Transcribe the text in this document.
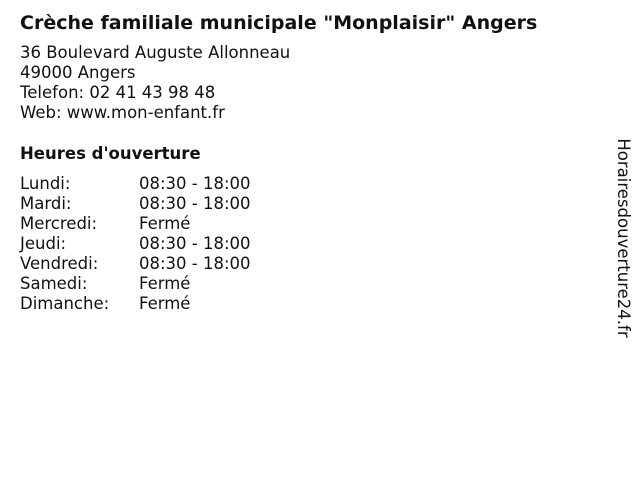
Crèche familiale municipale "Monplaisir" Angers
36 Boulevard Auguste Allonneau
49000 Angers
Telefon: 02 41 43 98 48
Web: www.mon-enfant.fr
Heures d'ouverture
Lundi:	08:30 - 18:00
Mardi:	08:30 - 18:00
Mercredi:	Fermé
Jeudi:	08:30 - 18:00
Vendredi:	08:30 - 18:00
Samedi:	Fermé
Dimanche:	Fermé	Horairesdouverture24.fr
